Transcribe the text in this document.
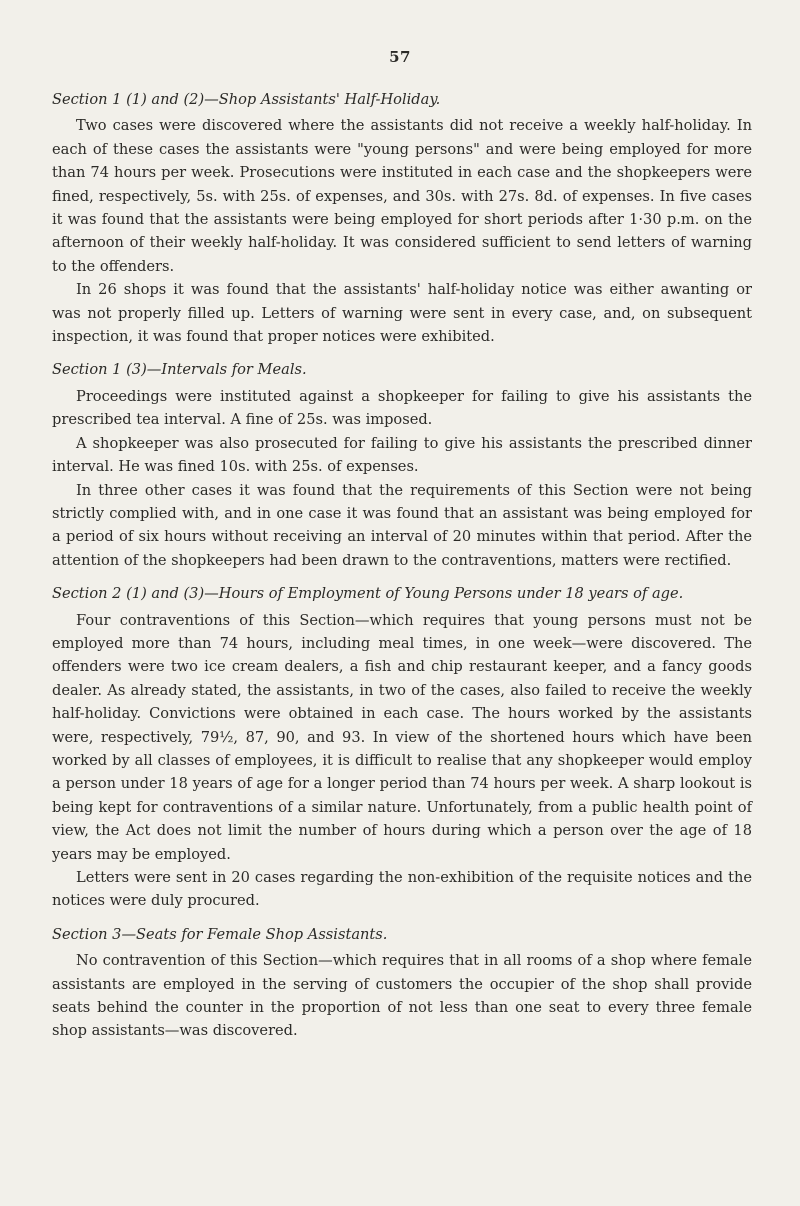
57

Section 1 (1) and (2)—Shop Assistants' Half-Holiday.

Two cases were discovered where the assistants did not receive a weekly half-holiday. In each of these cases the assistants were "young persons" and were being employed for more than 74 hours per week. Prosecutions were instituted in each case and the shopkeepers were fined, respectively, 5s. with 25s. of expenses, and 30s. with 27s. 8d. of expenses. In five cases it was found that the assistants were being employed for short periods after 1·30 p.m. on the afternoon of their weekly half-holiday. It was considered sufficient to send letters of warning to the offenders.

In 26 shops it was found that the assistants' half-holiday notice was either awanting or was not properly filled up. Letters of warning were sent in every case, and, on subsequent inspection, it was found that proper notices were exhibited.

Section 1 (3)—Intervals for Meals.

Proceedings were instituted against a shopkeeper for failing to give his assistants the prescribed tea interval. A fine of 25s. was imposed.

A shopkeeper was also prosecuted for failing to give his assistants the prescribed dinner interval. He was fined 10s. with 25s. of expenses.

In three other cases it was found that the requirements of this Section were not being strictly complied with, and in one case it was found that an assistant was being employed for a period of six hours without receiving an interval of 20 minutes within that period. After the attention of the shopkeepers had been drawn to the contraventions, matters were rectified.

Section 2 (1) and (3)—Hours of Employment of Young Persons under 18 years of age.

Four contraventions of this Section—which requires that young persons must not be employed more than 74 hours, including meal times, in one week—were discovered. The offenders were two ice cream dealers, a fish and chip restaurant keeper, and a fancy goods dealer. As already stated, the assistants, in two of the cases, also failed to receive the weekly half-holiday. Convictions were obtained in each case. The hours worked by the assistants were, respectively, 79½, 87, 90, and 93. In view of the shortened hours which have been worked by all classes of employees, it is difficult to realise that any shopkeeper would employ a person under 18 years of age for a longer period than 74 hours per week. A sharp lookout is being kept for contraventions of a similar nature. Unfortunately, from a public health point of view, the Act does not limit the number of hours during which a person over the age of 18 years may be employed.

Letters were sent in 20 cases regarding the non-exhibition of the requisite notices and the notices were duly procured.

Section 3—Seats for Female Shop Assistants.

No contravention of this Section—which requires that in all rooms of a shop where female assistants are employed in the serving of customers the occupier of the shop shall provide seats behind the counter in the proportion of not less than one seat to every three female shop assistants—was discovered.
